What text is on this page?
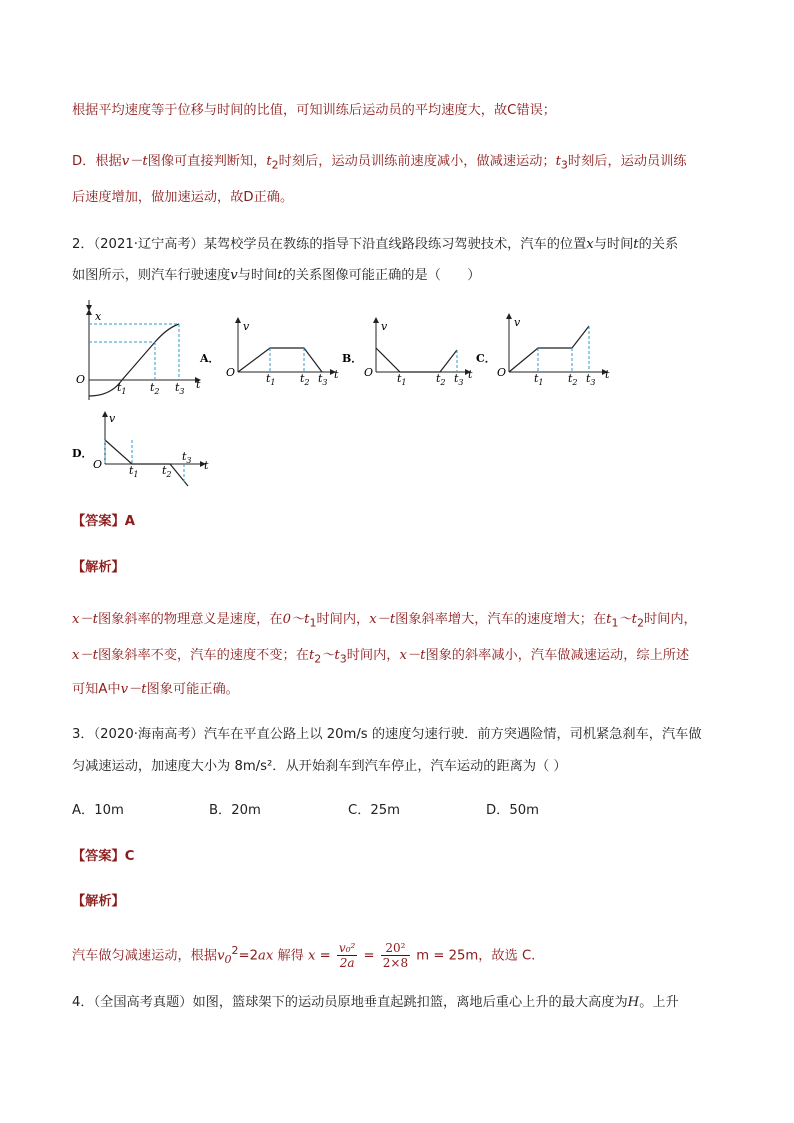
根据平均速度等于位移与时间的比值，可知训练后运动员的平均速度大，故C错误；
D．根据v－t图像可直接判断知，$t_2$时刻后，运动员训练前速度减小，做减速运动；$t_3$时刻后，运动员训练
后速度增加，做加速运动，故D正确。
2．（2021·辽宁高考）某驾校学员在教练的指导下沿直线路段练习驾驶技术，汽车的位置x与时间t的关系
如图所示，则汽车行驶速度v与时间t的关系图像可能正确的是（　　）
x
O	t
$t_1$ $t_2$ $t_3$
A．
v
O	t
$t_1$ $t_2$ $t_3$
B．
v
O	t
$t_1$	$t_2$ $t_3$
C．
v
O	t
$t_1$ $t_2$ $t_3$
D．
v
O	t
$t_1$ $t_2$
$t_3$
【答案】A
【解析】
x－t图象斜率的物理意义是速度，在$0\sim t_1$时间内，x－t图象斜率增大，汽车的速度增大；在$t_1\sim t_2$时间内，
x－t图象斜率不变，汽车的速度不变；在$t_2\sim t_3$时间内，x－t图象的斜率减小，汽车做减速运动，综上所述
可知A中v－t图象可能正确。
3．（2020·海南高考）汽车在平直公路上以 20m/s 的速度匀速行驶．前方突遇险情，司机紧急刹车，汽车做
匀减速运动，加速度大小为 8m/s²．从开始刹车到汽车停止，汽车运动的距离为（ ）
A．10m	B．20m	C．25m	D．50m
【答案】C
【解析】
汽车做匀减速运动，根据$v_0^2=2ax$ 解得 $x = \frac{\text{v₀²}}{2a} = \frac{\text{20²}}{2\times 8}$ m = 25m，故选 C.
4．（全国高考真题）如图，篮球架下的运动员原地垂直起跳扣篮，离地后重心上升的最大高度为H。上升
